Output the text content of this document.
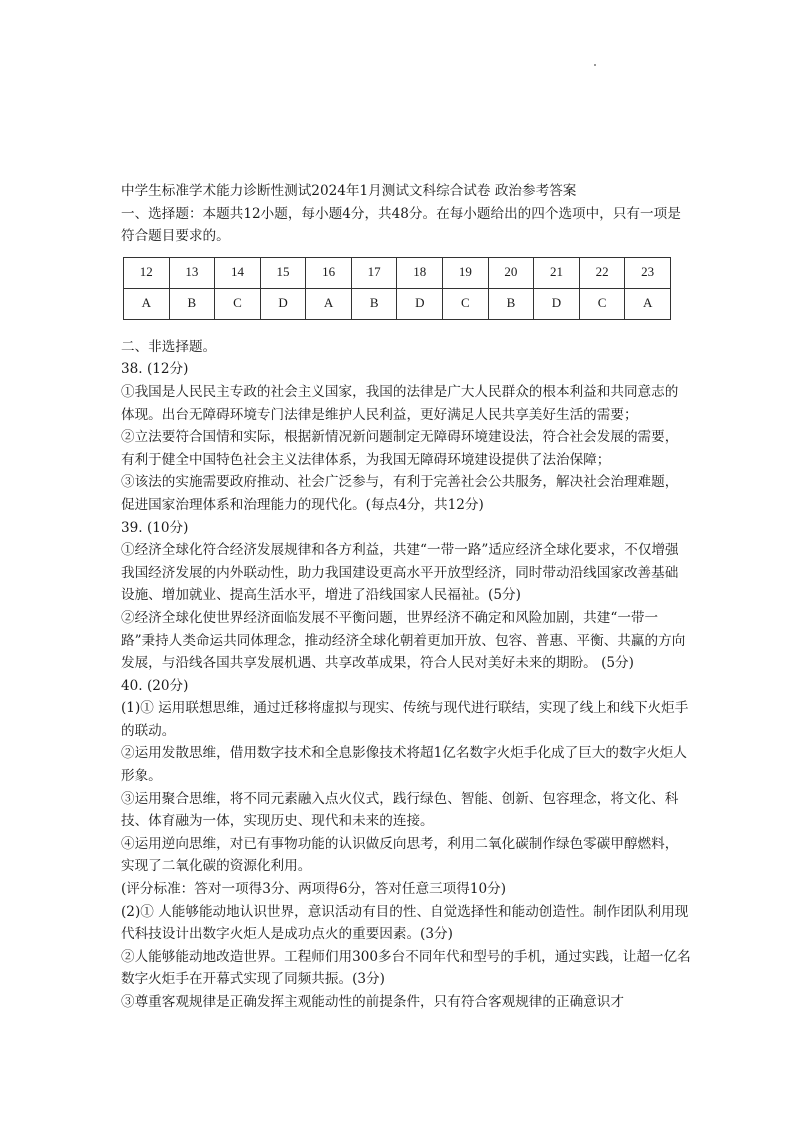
中学生标准学术能力诊断性测试2024年1月测试文科综合试卷 政治参考答案

一、选择题：本题共12小题，每小题4分，共48分。在每小题给出的四个选项中，只有一项是符合题目要求的。

12	13	14	15	16	17	18	19	20	21	22	23
A	B	C	D	A	B	D	C	B	D	C	A

二、非选择题。

38. (12分)

①我国是人民民主专政的社会主义国家，我国的法律是广大人民群众的根本利益和共同意志的体现。出台无障碍环境专门法律是维护人民利益，更好满足人民共享美好生活的需要；

②立法要符合国情和实际，根据新情况新问题制定无障碍环境建设法，符合社会发展的需要，有利于健全中国特色社会主义法律体系，为我国无障碍环境建设提供了法治保障；

③该法的实施需要政府推动、社会广泛参与，有利于完善社会公共服务，解决社会治理难题，促进国家治理体系和治理能力的现代化。(每点4分，共12分)

39. (10分)

①经济全球化符合经济发展规律和各方利益，共建“一带一路”适应经济全球化要求，不仅增强我国经济发展的内外联动性，助力我国建设更高水平开放型经济，同时带动沿线国家改善基础设施、增加就业、提高生活水平，增进了沿线国家人民福祉。(5分)

②经济全球化使世界经济面临发展不平衡问题，世界经济不确定和风险加剧，共建“一带一路”秉持人类命运共同体理念，推动经济全球化朝着更加开放、包容、普惠、平衡、共赢的方向发展，与沿线各国共享发展机遇、共享改革成果，符合人民对美好未来的期盼。 (5分)

40. (20分)

(1)① 运用联想思维，通过迁移将虚拟与现实、传统与现代进行联结，实现了线上和线下火炬手的联动。

②运用发散思维，借用数字技术和全息影像技术将超1亿名数字火炬手化成了巨大的数字火炬人形象。

③运用聚合思维，将不同元素融入点火仪式，践行绿色、智能、创新、包容理念，将文化、科技、体育融为一体，实现历史、现代和未来的连接。

④运用逆向思维，对已有事物功能的认识做反向思考，利用二氧化碳制作绿色零碳甲醇燃料，实现了二氧化碳的资源化利用。

(评分标准：答对一项得3分、两项得6分，答对任意三项得10分)

(2)① 人能够能动地认识世界，意识活动有目的性、自觉选择性和能动创造性。制作团队利用现代科技设计出数字火炬人是成功点火的重要因素。(3分)

②人能够能动地改造世界。工程师们用300多台不同年代和型号的手机，通过实践，让超一亿名数字火炬手在开幕式实现了同频共振。(3分)

③尊重客观规律是正确发挥主观能动性的前提条件，只有符合客观规律的正确意识才
